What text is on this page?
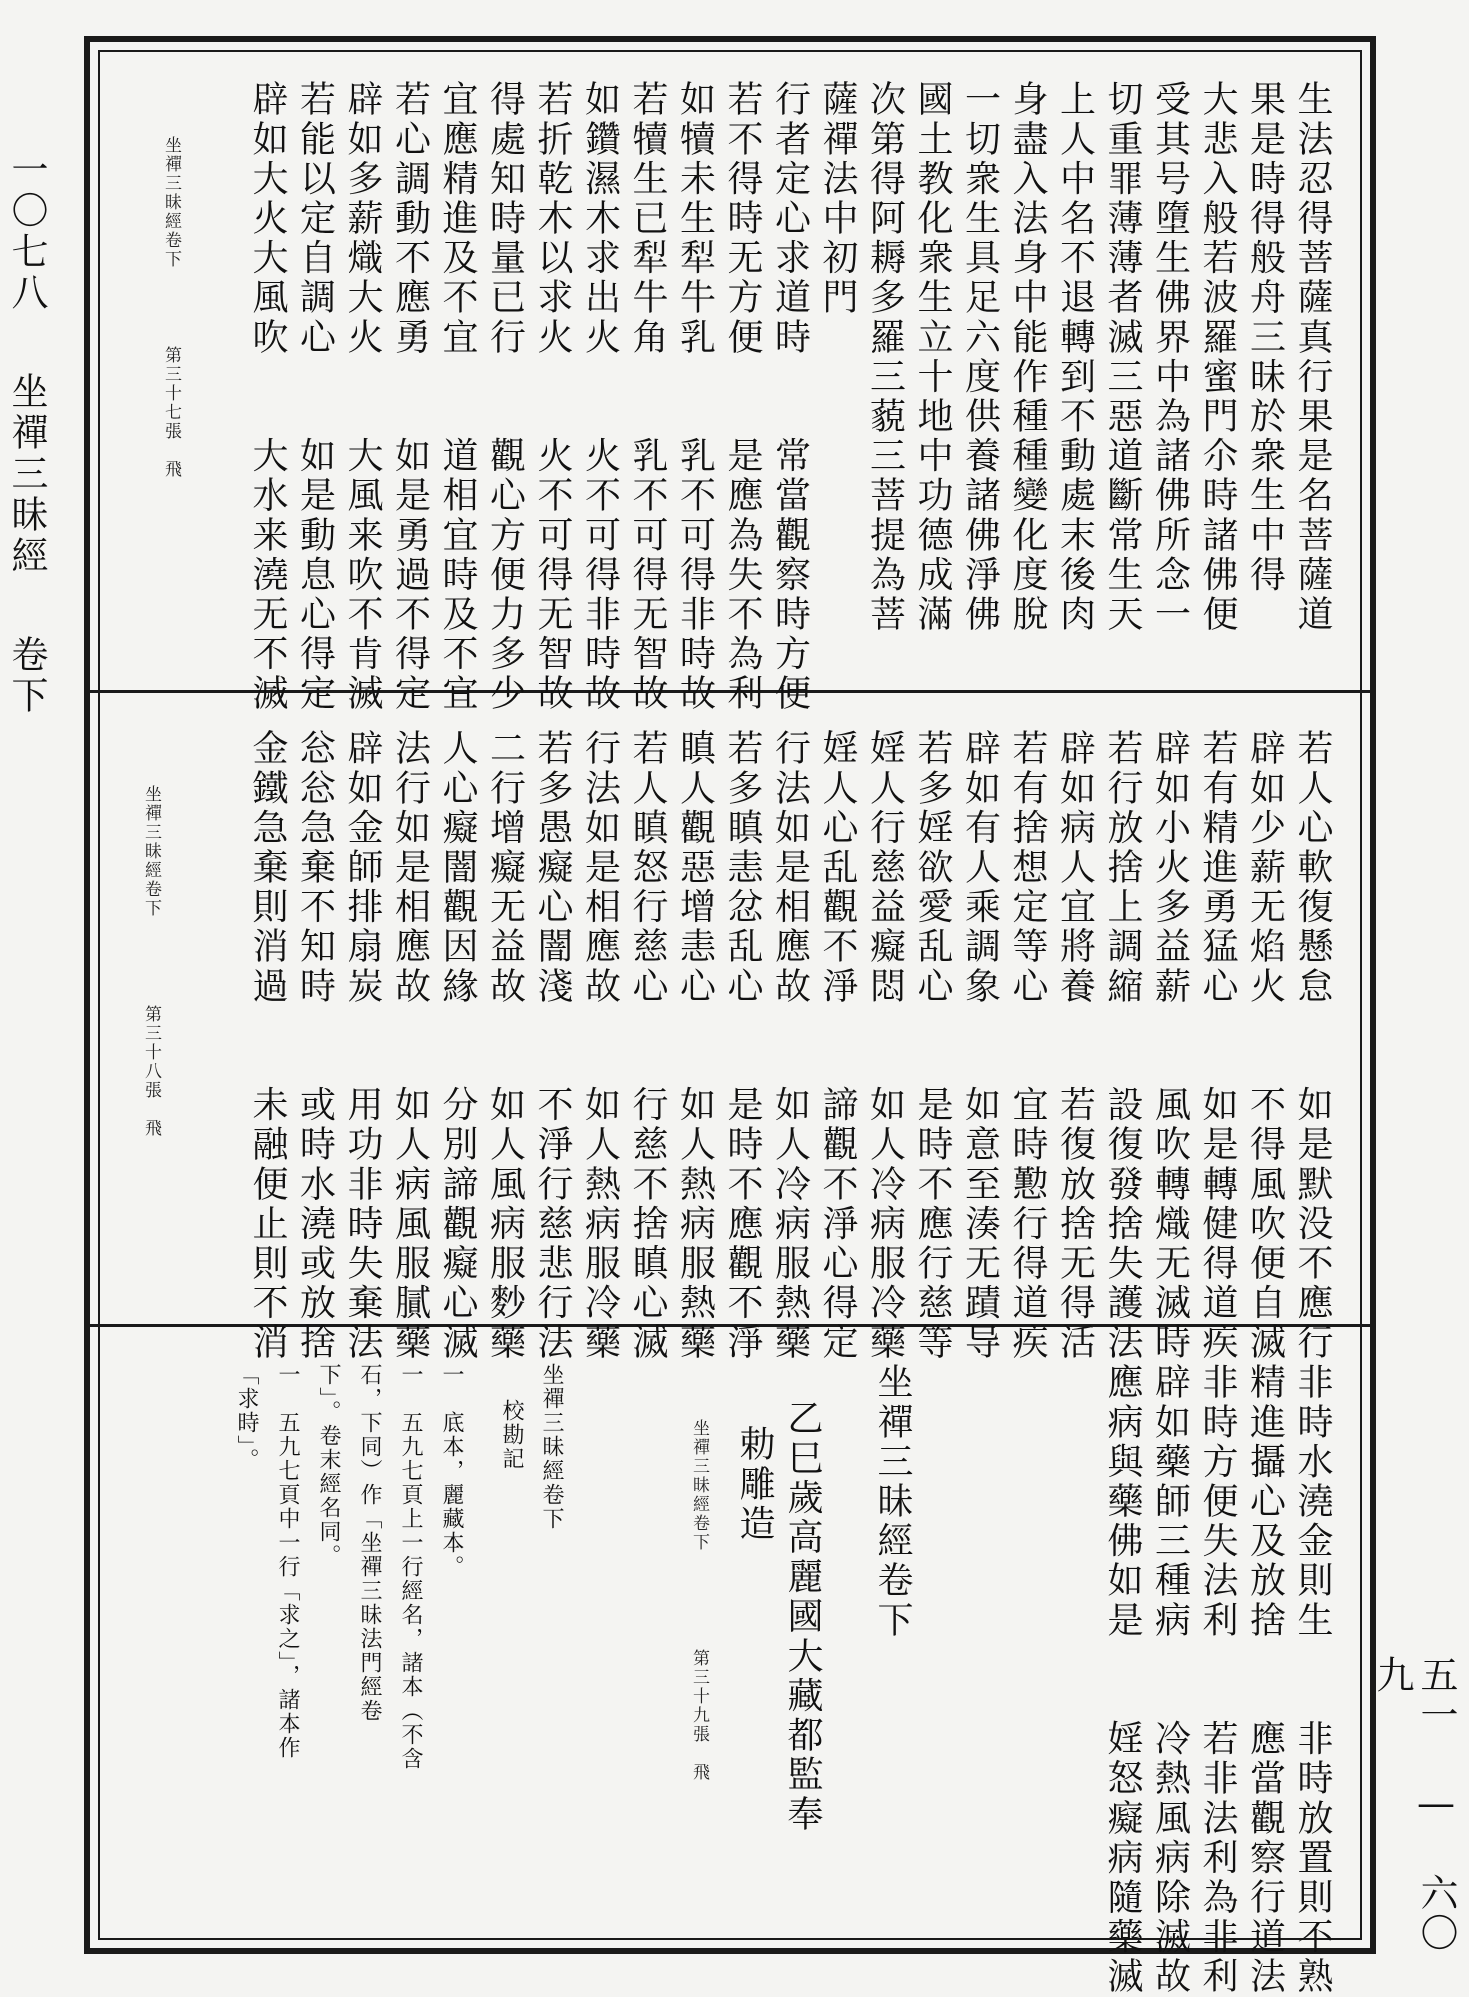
一〇七八
坐禪三昧經
卷下
五一 — 六〇九
生法忍得菩薩真行果是名菩薩道
果是時得般舟三昧於衆生中得
大悲入般若波羅蜜門尒時諸佛便
受其号墮生佛界中為諸佛所念一
切重罪薄薄者滅三惡道斷常生天
上人中名不退轉到不動處末後肉
身盡入法身中能作種種變化度脫
一切衆生具足六度供養諸佛淨佛
國土教化衆生立十地中功德成滿
次第得阿耨多羅三藐三菩提為菩
薩禪法中初門
行者定心求道時　　常當觀察時方便
若不得時无方便　　是應為失不為利
如犢未生犁牛乳　　乳不可得非時故
若犢生已犁牛角　　乳不可得无智故
如鑽濕木求出火　　火不可得非時故
若折乾木以求火　　火不可得无智故
得處知時量已行　　觀心方便力多少
宜應精進及不宜　　道相宜時及不宜
若心調動不應勇　　如是勇過不得定
辟如多薪熾大火　　大風来吹不肯滅
若能以定自調心　　如是動息心得定
辟如大火大風吹　　大水来澆无不滅
坐禪三昧經卷下
第三十七張　飛
若人心軟復懸怠　　如是默没不應行
辟如少薪无焰火　　不得風吹便自滅
若有精進勇猛心　　如是轉健得道疾
辟如小火多益薪　　風吹轉熾无滅時
若行放捨上調縮　　設復發捨失護法
辟如病人宜將養　　若復放捨无得活
若有捨想定等心　　宜時懃行得道疾
辟如有人乘調象　　如意至湊无蹟导
若多婬欲愛乱心　　是時不應行慈等
婬人行慈益癡悶　　如人冷病服冷藥
婬人心乱觀不淨　　諦觀不淨心得定
行法如是相應故　　如人冷病服熱藥
若多瞋恚忿乱心　　是時不應觀不淨
瞋人觀惡增恚心　　如人熱病服熱藥
若人瞋怒行慈心　　行慈不捨瞋心滅
行法如是相應故　　如人熱病服冷藥
若多愚癡心闇淺　　不淨行慈悲行法
二行增癡无益故　　如人風病服麨藥
人心癡闇觀因緣　　分別諦觀癡心滅
法行如是相應故　　如人病風服膩藥
辟如金師排扇炭　　用功非時失棄法
忩忩急棄不知時　　或時水澆或放捨
金鐵急棄則消過　　未融便止則不消
坐禪三昧經卷下
第三十八張　飛
非時水澆金則生　　非時放置則不熟
精進攝心及放捨　　應當觀察行道法
非時方便失法利　　若非法利為非利
辟如藥師三種病　　冷熱風病除滅故
應病與藥佛如是　　婬怒癡病隨藥滅
坐禪三昧經卷下
乙巳歲高麗國大藏都監奉
勅雕造
坐禪三昧經卷下
第三十九張　飛
坐禪三昧經卷下
校勘記
一　底本，麗藏本。
一　五九七頁上一行經名，諸本（不含
石，下同）作「坐禪三昧法門經卷
下」。卷末經名同。
一　五九七頁中一行「求之」，諸本作
「求時」。
